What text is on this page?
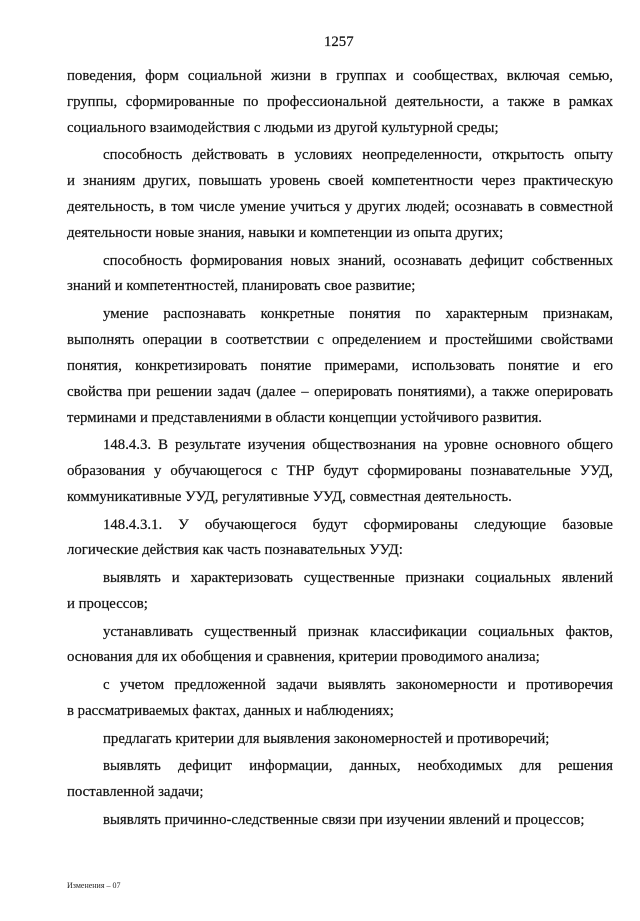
1257
поведения, форм социальной жизни в группах и сообществах, включая семью,
группы, сформированные по профессиональной деятельности, а также в рамках
социального взаимодействия с людьми из другой культурной среды;
способность действовать в условиях неопределенности, открытость опыту
и знаниям других, повышать уровень своей компетентности через практическую
деятельность, в том числе умение учиться у других людей; осознавать в совместной
деятельности новые знания, навыки и компетенции из опыта других;
способность формирования новых знаний, осознавать дефицит собственных
знаний и компетентностей, планировать свое развитие;
умение распознавать конкретные понятия по характерным признакам,
выполнять операции в соответствии с определением и простейшими свойствами
понятия, конкретизировать понятие примерами, использовать понятие и его
свойства при решении задач (далее – оперировать понятиями), а также оперировать
терминами и представлениями в области концепции устойчивого развития.
148.4.3. В результате изучения обществознания на уровне основного общего
образования у обучающегося с ТНР будут сформированы познавательные УУД,
коммуникативные УУД, регулятивные УУД, совместная деятельность.
148.4.3.1. У обучающегося будут сформированы следующие базовые
логические действия как часть познавательных УУД:
выявлять и характеризовать существенные признаки социальных явлений
и процессов;
устанавливать существенный признак классификации социальных фактов,
основания для их обобщения и сравнения, критерии проводимого анализа;
с учетом предложенной задачи выявлять закономерности и противоречия
в рассматриваемых фактах, данных и наблюдениях;
предлагать критерии для выявления закономерностей и противоречий;
выявлять дефицит информации, данных, необходимых для решения
поставленной задачи;
выявлять причинно-следственные связи при изучении явлений и процессов;
Изменения – 07
